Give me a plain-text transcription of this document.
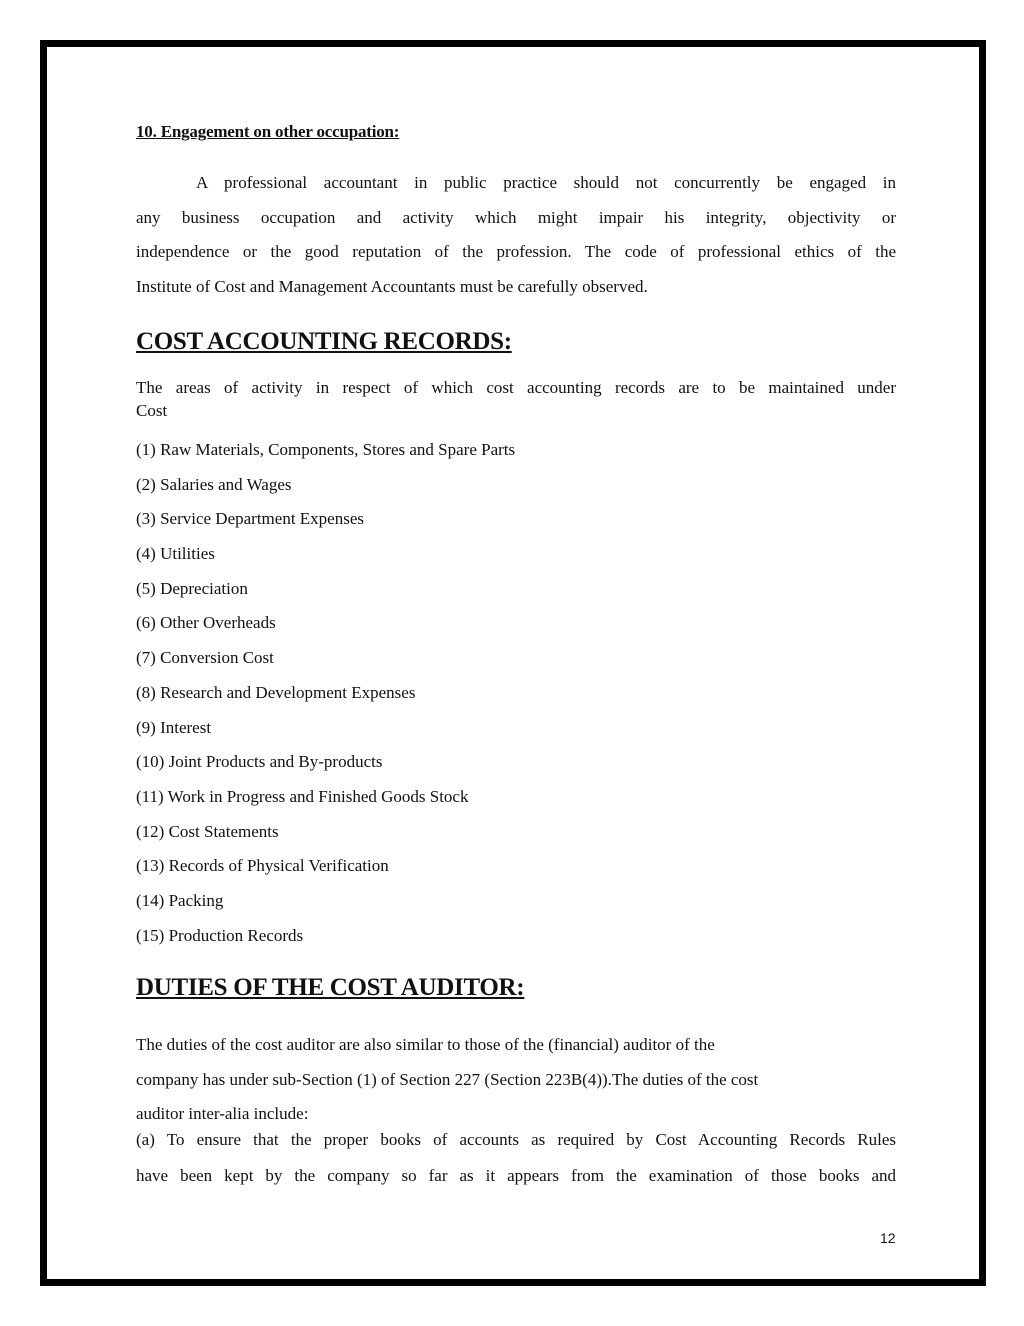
10. Engagement on other occupation:
A professional accountant in public practice should not concurrently be engaged in
any business occupation and activity which might impair his integrity, objectivity or
independence or the good reputation of the profession. The code of professional ethics of the
Institute of Cost and Management Accountants must be carefully observed.
COST ACCOUNTING RECORDS:
The areas of activity in respect of which cost accounting records are to be maintained under
Cost
(1) Raw Materials, Components, Stores and Spare Parts
(2) Salaries and Wages
(3) Service Department Expenses
(4) Utilities
(5) Depreciation
(6) Other Overheads
(7) Conversion Cost
(8) Research and Development Expenses
(9) Interest
(10) Joint Products and By-products
(11) Work in Progress and Finished Goods Stock
(12) Cost Statements
(13) Records of Physical Verification
(14) Packing
(15) Production Records
DUTIES OF THE COST AUDITOR:
The duties of the cost auditor are also similar to those of the (financial) auditor of the
company has under sub-Section (1) of Section 227 (Section 223B(4)).The duties of the cost
auditor inter-alia include:
(a) To ensure that the proper books of accounts as required by Cost Accounting Records Rules
have been kept by the company so far as it appears from the examination of those books and
12
